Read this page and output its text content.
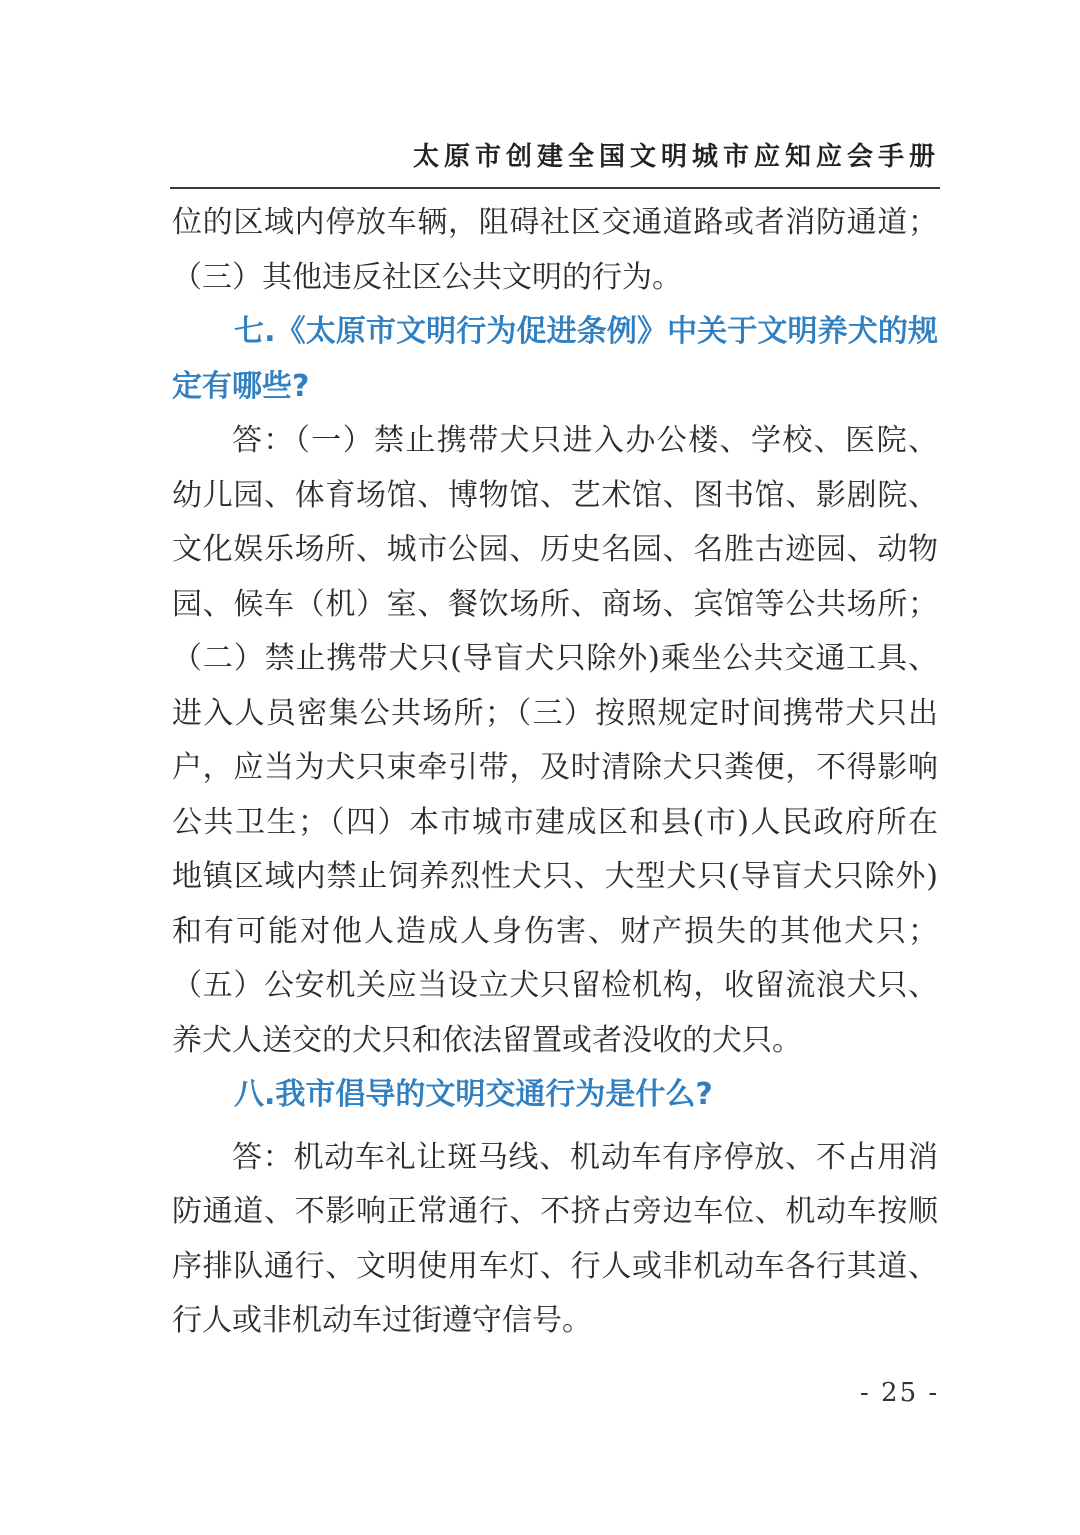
太原市创建全国文明城市应知应会手册
位的区域内停放车辆，阻碍社区交通道路或者消防通道；
（三）其他违反社区公共文明的行为。
七.《太原市文明行为促进条例》中关于文明养犬的规
定有哪些?
答：（一）禁止携带犬只进入办公楼、学校、医院、
幼儿园、体育场馆、博物馆、艺术馆、图书馆、影剧院、
文化娱乐场所、城市公园、历史名园、名胜古迹园、动物
园、候车（机）室、餐饮场所、商场、宾馆等公共场所；
（二）禁止携带犬只(导盲犬只除外)乘坐公共交通工具、
进入人员密集公共场所；（三）按照规定时间携带犬只出
户，应当为犬只束牵引带，及时清除犬只粪便，不得影响
公共卫生；（四）本市城市建成区和县(市)人民政府所在
地镇区域内禁止饲养烈性犬只、大型犬只(导盲犬只除外)
和有可能对他人造成人身伤害、财产损失的其他犬只；
（五）公安机关应当设立犬只留检机构，收留流浪犬只、
养犬人送交的犬只和依法留置或者没收的犬只。
八.我市倡导的文明交通行为是什么?
答：机动车礼让斑马线、机动车有序停放、不占用消
防通道、不影响正常通行、不挤占旁边车位、机动车按顺
序排队通行、文明使用车灯、行人或非机动车各行其道、
行人或非机动车过街遵守信号。
- 25 -
